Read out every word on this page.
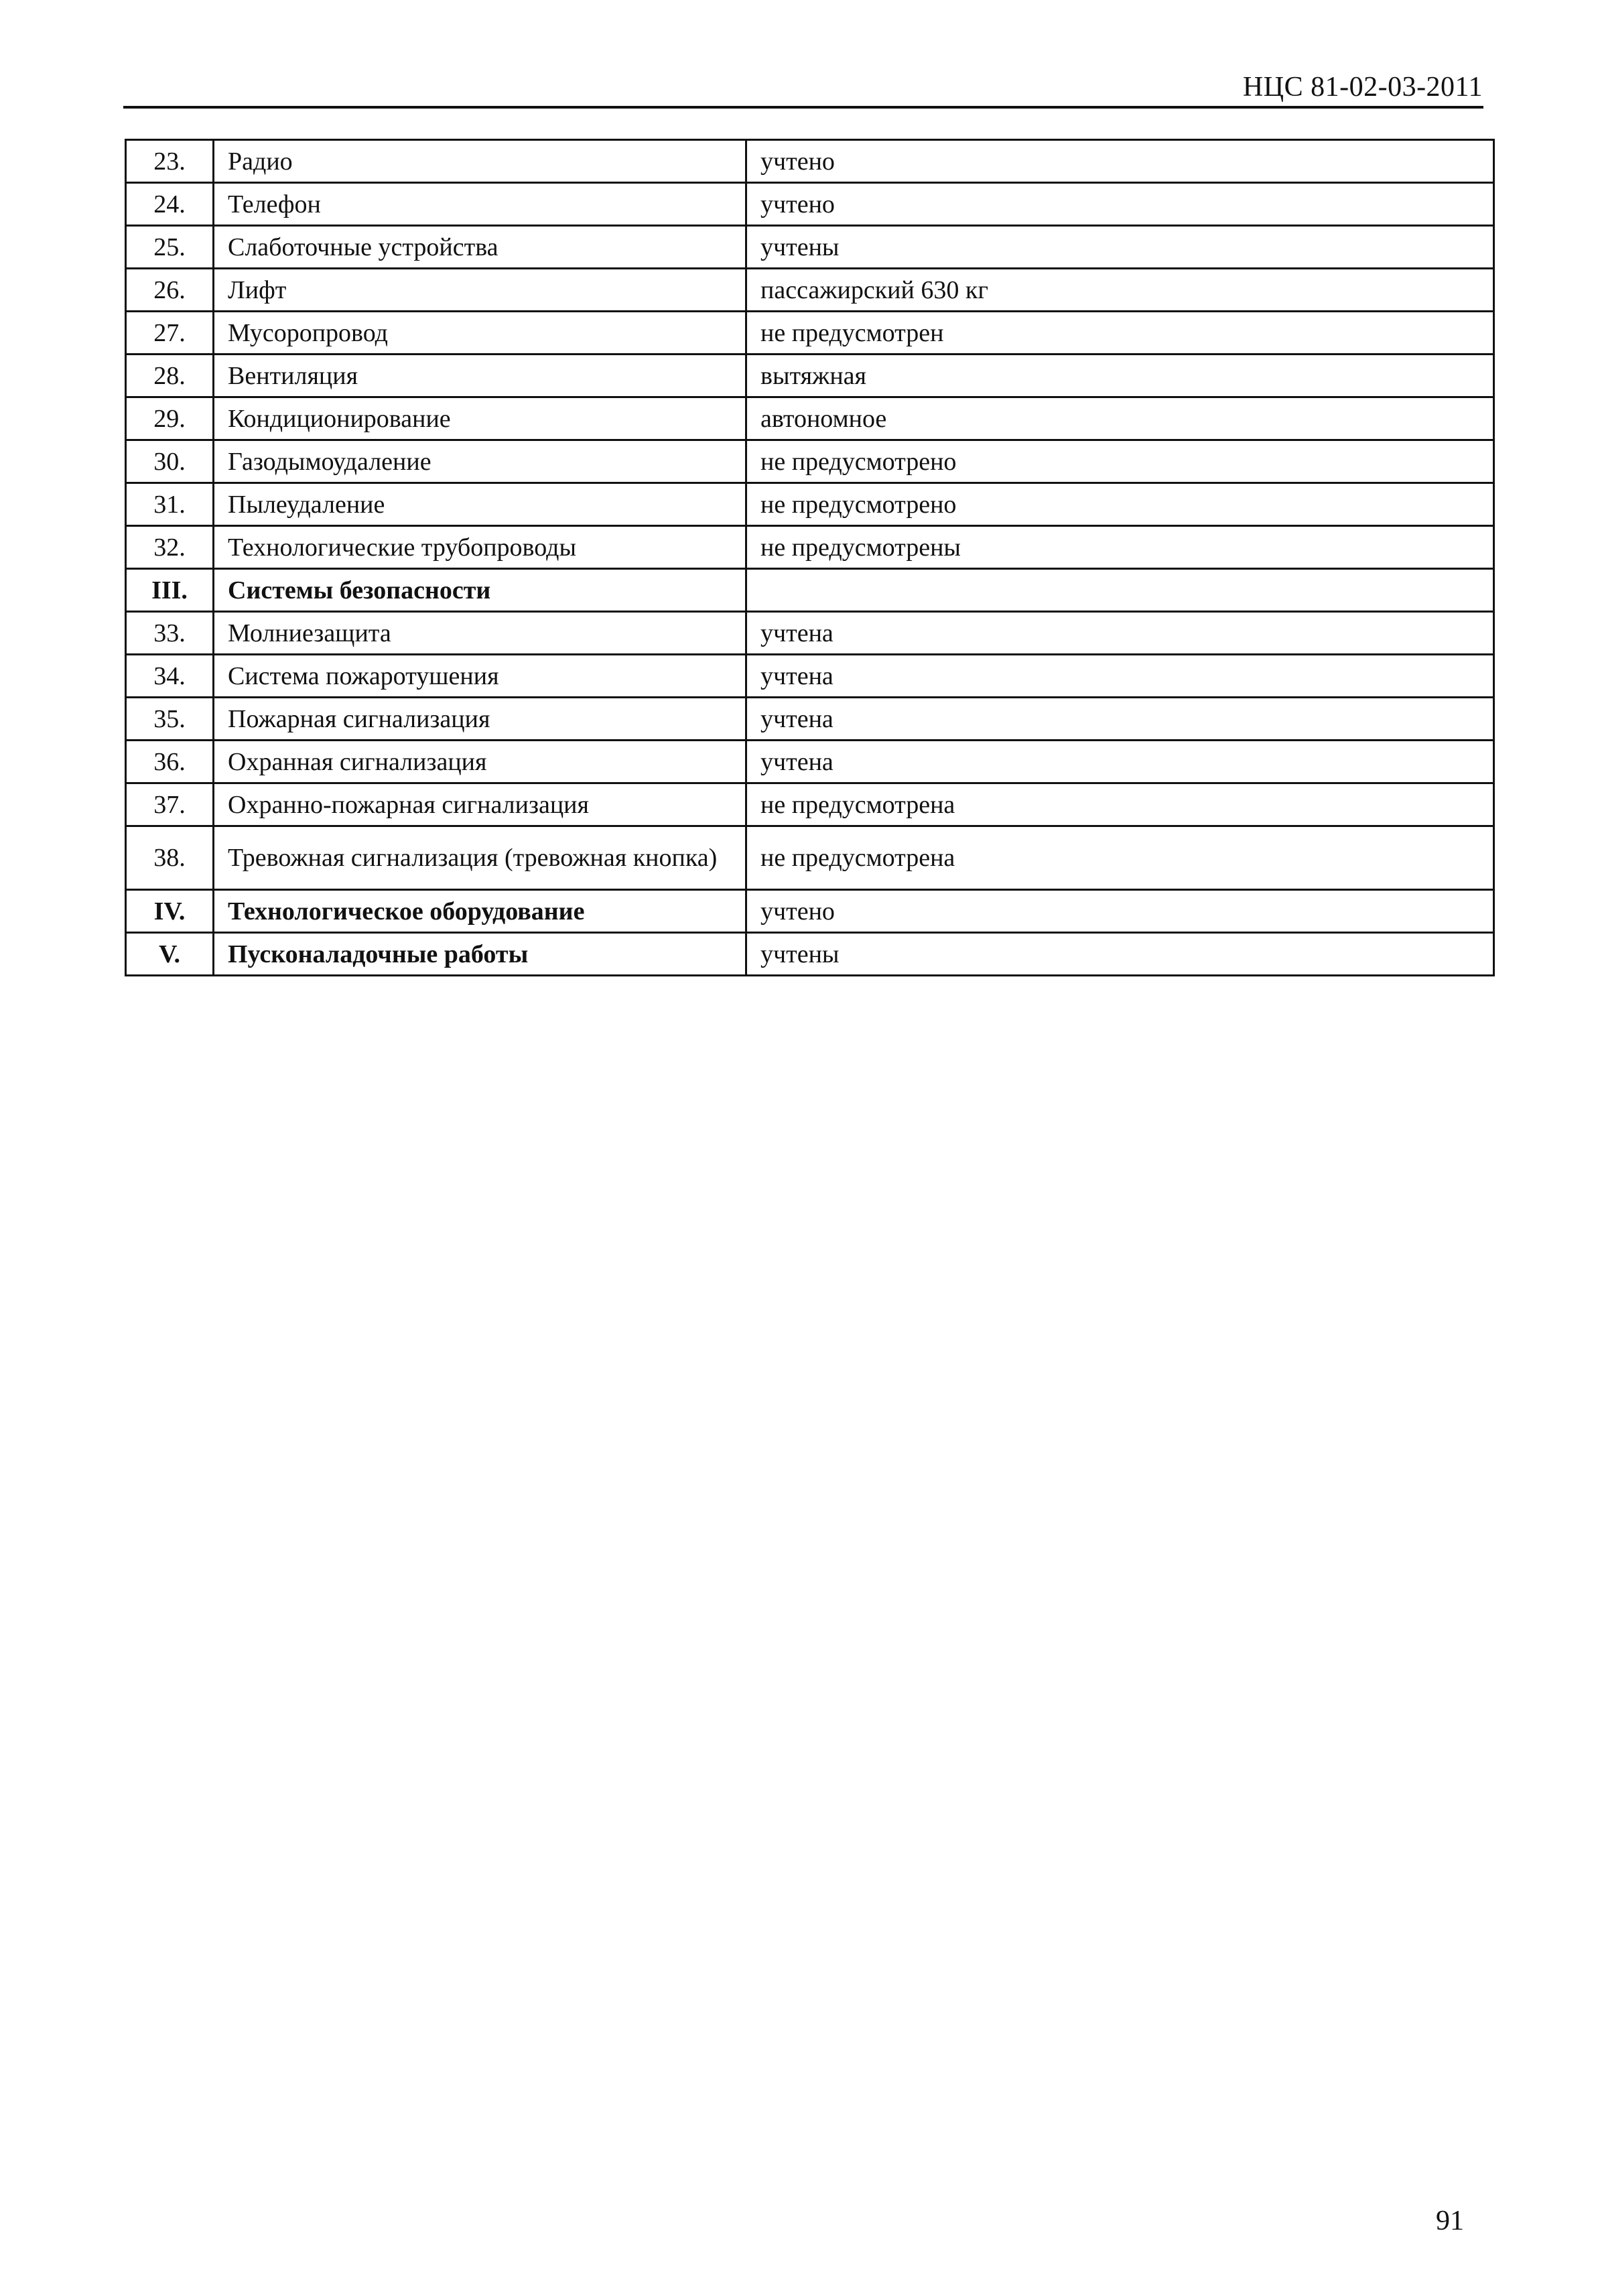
НЦС 81-02-03-2011
23.	Радио	учтено
24.	Телефон	учтено
25.	Слаботочные устройства	учтены
26.	Лифт	пассажирский 630 кг
27.	Мусоропровод	не предусмотрен
28.	Вентиляция	вытяжная
29.	Кондиционирование	автономное
30.	Газодымоудаление	не предусмотрено
31.	Пылеудаление	не предусмотрено
32.	Технологические трубопроводы	не предусмотрены
III.	Системы безопасности	
33.	Молниезащита	учтена
34.	Система пожаротушения	учтена
35.	Пожарная сигнализация	учтена
36.	Охранная сигнализация	учтена
37.	Охранно-пожарная сигнализация	не предусмотрена
38.	Тревожная сигнализация (тревожная кнопка)	не предусмотрена
IV.	Технологическое оборудование	учтено
V.	Пусконаладочные работы	учтены
91
